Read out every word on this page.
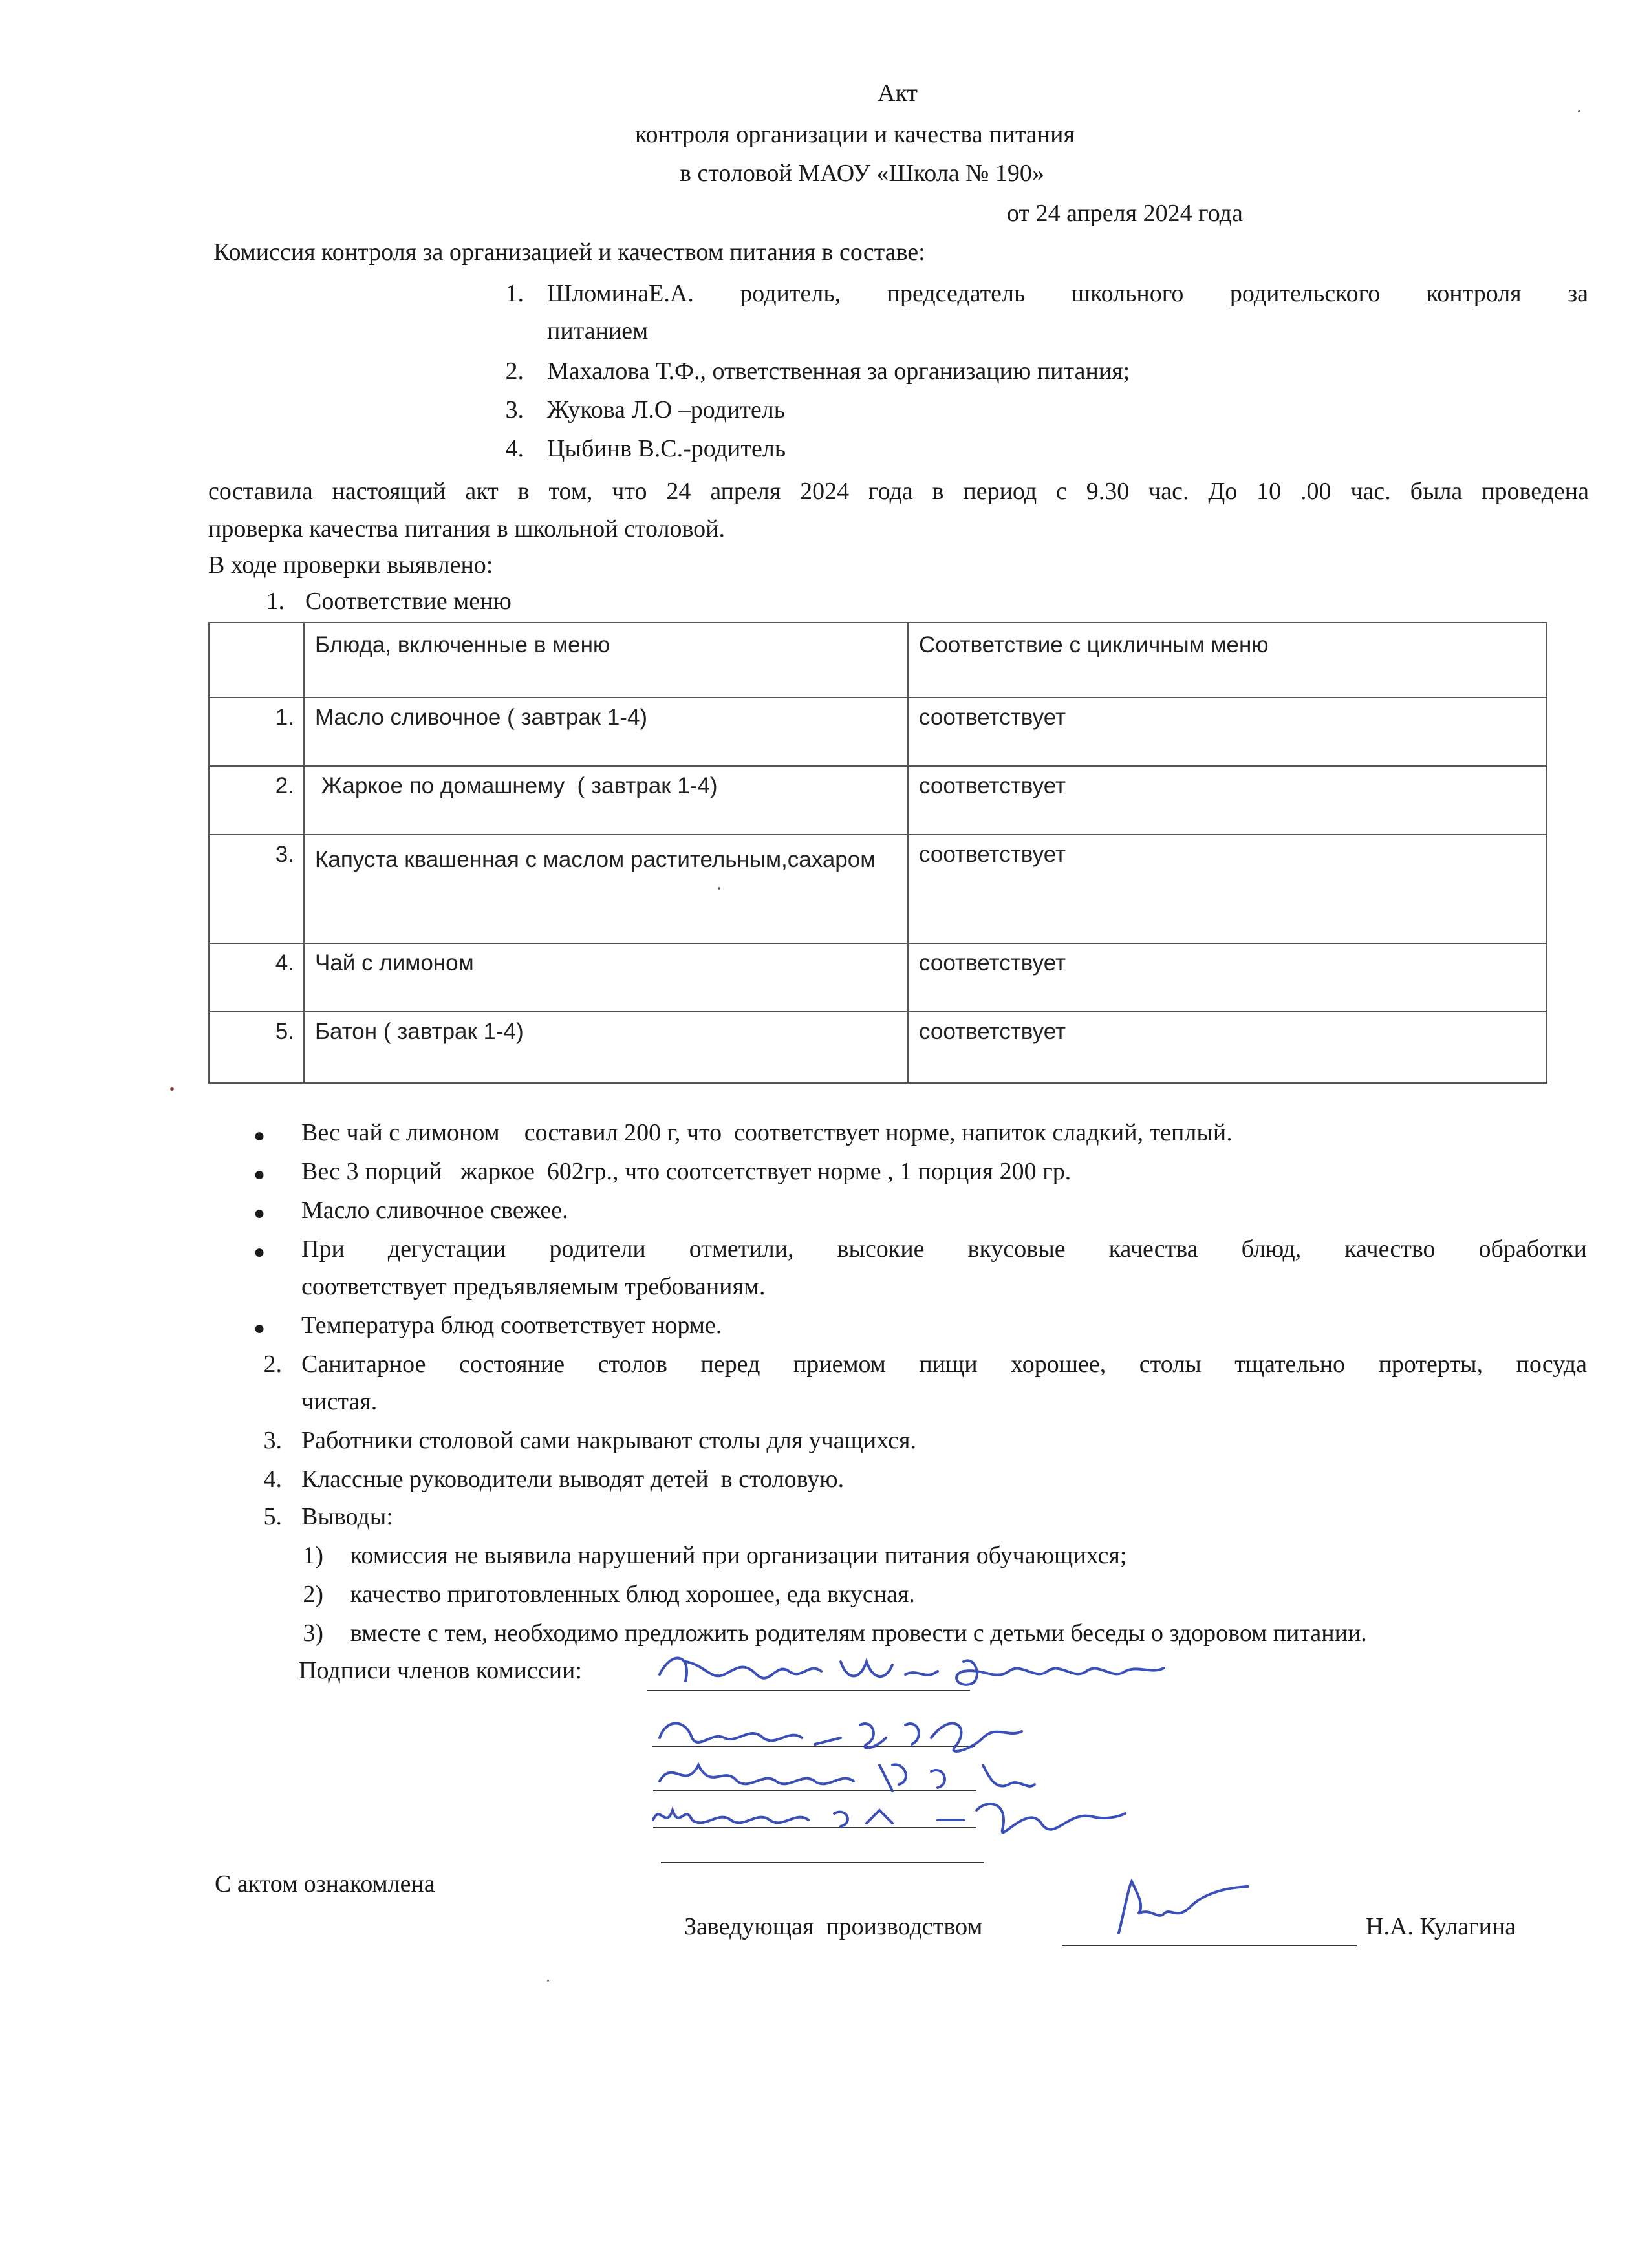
Акт
контроля организации и качества питания
в столовой МАОУ «Школа № 190»
от 24 апреля 2024 года
Комиссия контроля за организацией и качеством питания в составе:
1. ШломинаЕ.А. родитель, председатель школьного родительского контроля за
питанием
2. Махалова Т.Ф., ответственная за организацию питания;
3. Жукова Л.О –родитель
4. Цыбинв В.С.-родитель
составила настоящий акт в том, что 24 апреля 2024 года в период с 9.30 час. До 10 .00 час. была проведена
проверка качества питания в школьной столовой.
В ходе проверки выявлено:
1. Соответствие меню
	Блюда, включенные в меню	Соответствие с цикличным меню
1.	Масло сливочное ( завтрак 1-4)	соответствует
2.	Жаркое по домашнему  ( завтрак 1-4)	соответствует
3.	Капуста квашенная с маслом растительным,сахаром	соответствует
4.	Чай с лимоном	соответствует
5.	Батон ( завтрак 1-4)	соответствует
● Вес чай с лимоном    составил 200 г, что  соответствует норме, напиток сладкий, теплый.
● Вес 3 порций   жаркое  602гр., что соотсетствует норме , 1 порция 200 гр.
● Масло сливочное свежее.
● При дегустации родители отметили, высокие вкусовые качества блюд, качество обработки
соответствует предъявляемым требованиям.
● Температура блюд соответствует норме.
2. Санитарное состояние столов перед приемом пищи хорошее, столы тщательно протерты, посуда
чистая.
3. Работники столовой сами накрывают столы для учащихся.
4. Классные руководители выводят детей  в столовую.
5. Выводы:
1) комиссия не выявила нарушений при организации питания обучающихся;
2) качество приготовленных блюд хорошее, еда вкусная.
3) вместе с тем, необходимо предложить родителям провести с детьми беседы о здоровом питании.
Подписи членов комиссии:
С актом ознакомлена
Заведующая  производством	Н.А. Кулагина
